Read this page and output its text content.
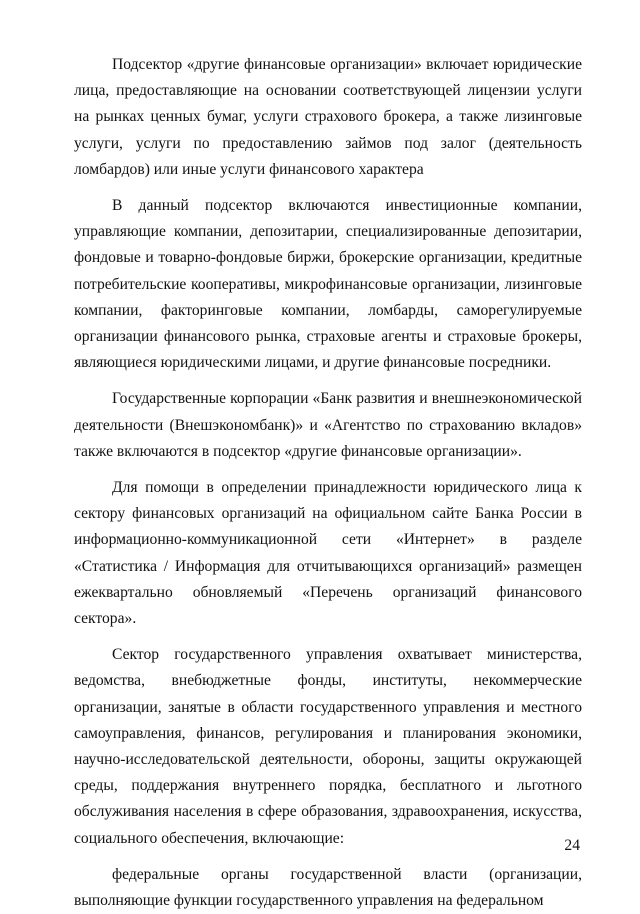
Подсектор «другие финансовые организации» включает юридические лица, предоставляющие на основании соответствующей лицензии услуги на рынках ценных бумаг, услуги страхового брокера, а также лизинговые услуги, услуги по предоставлению займов под залог (деятельность ломбардов) или иные услуги финансового характера

В данный подсектор включаются инвестиционные компании, управляющие компании, депозитарии, специализированные депозитарии, фондовые и товарно-фондовые биржи, брокерские организации, кредитные потребительские кооперативы, микрофинансовые организации, лизинговые компании, факторинговые компании, ломбарды, саморегулируемые организации финансового рынка, страховые агенты и страховые брокеры, являющиеся юридическими лицами, и другие финансовые посредники.

Государственные корпорации «Банк развития и внешнеэкономической деятельности (Внешэкономбанк)» и «Агентство по страхованию вкладов» также включаются в подсектор «другие финансовые организации».

Для помощи в определении принадлежности юридического лица к сектору финансовых организаций на официальном сайте Банка России в информационно-коммуникационной сети «Интернет» в разделе «Статистика / Информация для отчитывающихся организаций» размещен ежеквартально обновляемый «Перечень организаций финансового сектора».

Сектор государственного управления охватывает министерства, ведомства, внебюджетные фонды, институты, некоммерческие организации, занятые в области государственного управления и местного самоуправления, финансов, регулирования и планирования экономики, научно-исследовательской деятельности, обороны, защиты окружающей среды, поддержания внутреннего порядка, бесплатного и льготного обслуживания населения в сфере образования, здравоохранения, искусства, социального обеспечения, включающие:

федеральные органы государственной власти (организации, выполняющие функции государственного управления на федеральном

24
